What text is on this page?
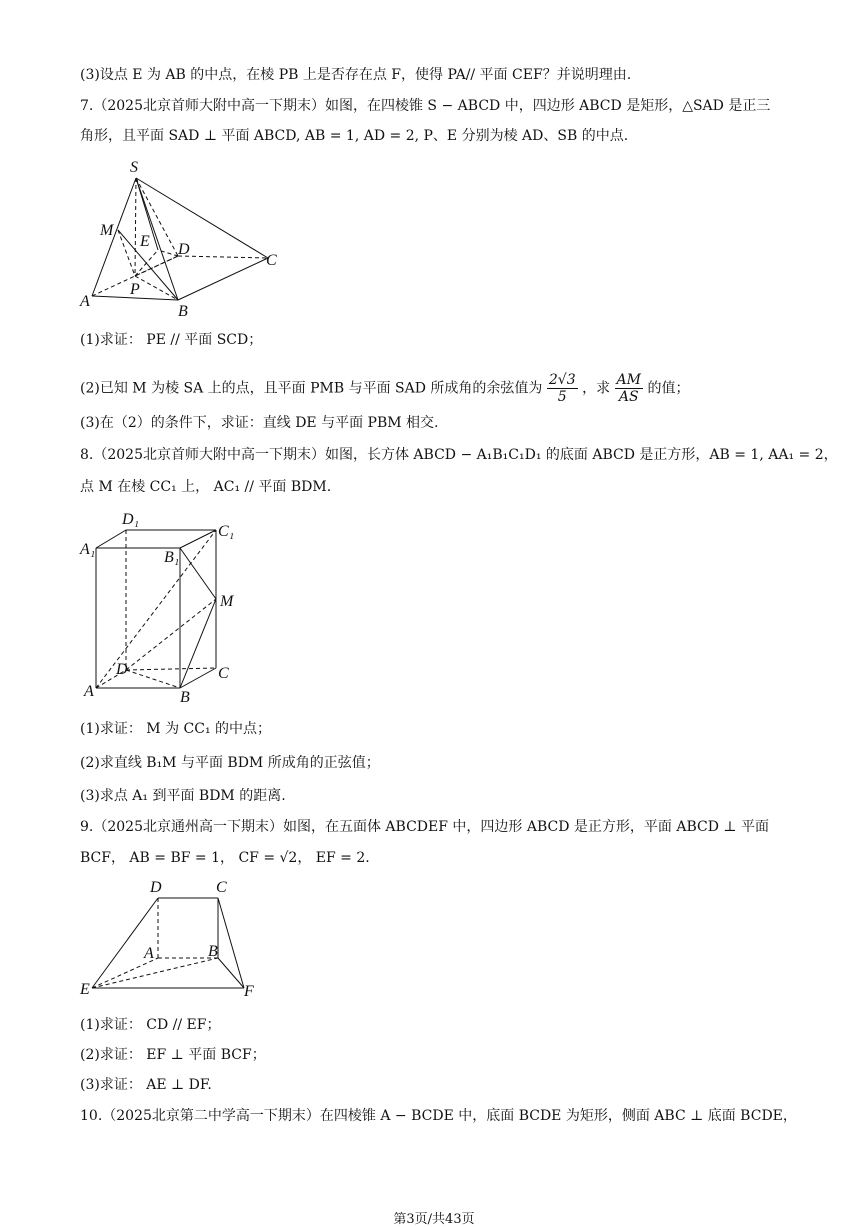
(3)设点 E 为 AB 的中点，在棱 PB 上是否存在点 F，使得 PA// 平面 CEF？并说明理由.
7.（2025北京首师大附中高一下期末）如图，在四棱锥 S − ABCD 中，四边形 ABCD 是矩形，△SAD 是正三
角形，且平面 SAD ⊥ 平面 ABCD, AB = 1, AD = 2, P、E 分别为棱 AD、SB 的中点.
S
M
E D
C
A
P
B
(1)求证： PE // 平面 SCD；
(2)已知 M 为棱 SA 上的点，且平面 PMB 与平面 SAD 所成角的余弦值为 $\frac{2√3}{5}$ ，求 $\frac{AM}{AS}$ 的值；
(3)在（2）的条件下，求证：直线 DE 与平面 PBM 相交.
8.（2025北京首师大附中高一下期末）如图，长方体 ABCD − A₁B₁C₁D₁ 的底面 ABCD 是正方形，AB = 1, AA₁ = 2，
点 M 在棱 CC₁ 上， AC₁ // 平面 BDM.
D₁
C₁
A₁	B₁
M
D	C
A	B
(1)求证： M 为 CC₁ 的中点；
(2)求直线 B₁M 与平面 BDM 所成角的正弦值；
(3)求点 A₁ 到平面 BDM 的距离.
9.（2025北京通州高一下期末）如图，在五面体 ABCDEF 中，四边形 ABCD 是正方形，平面 ABCD ⊥ 平面
BCF， AB = BF = 1， CF = √2， EF = 2.
D	C
A	B
E	F
(1)求证： CD // EF；
(2)求证： EF ⊥ 平面 BCF；
(3)求证： AE ⊥ DF.
10.（2025北京第二中学高一下期末）在四棱锥 A − BCDE 中，底面 BCDE 为矩形，侧面 ABC ⊥ 底面 BCDE，
第3页/共43页
